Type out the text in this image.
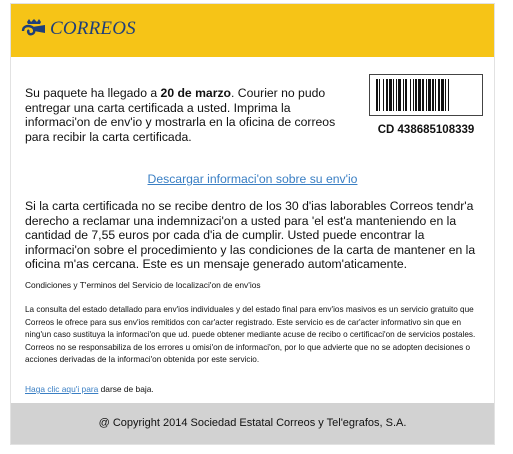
CORREOS
Su paquete ha llegado a 20 de marzo. Courier no pudo entregar una carta certificada a usted. Imprima la informaci'on de env'io y mostrarla en la oficina de correos para recibir la carta certificada.	CD 438685108339
Descargar informaci'on sobre su env'io
Si la carta certificada no se recibe dentro de los 30 d'ias laborables Correos tendr'a derecho a reclamar una indemnizaci'on a usted para 'el est'a manteniendo en la cantidad de 7,55 euros por cada d'ia de cumplir. Usted puede encontrar la informaci'on sobre el procedimiento y las condiciones de la carta de mantener en la oficina m'as cercana. Este es un mensaje generado autom'aticamente.
Condiciones y T'erminos del Servicio de localizaci'on de env'ios
La consulta del estado detallado para env'ios individuales y del estado final para env'ios masivos es un servicio gratuito que Correos le ofrece para sus env'ios remitidos con car'acter registrado. Este servicio es de car'acter informativo sin que en ning'un caso sustituya la informaci'on que ud. puede obtener mediante acuse de recibo o certificaci'on de servicios postales. Correos no se responsabiliza de los errores u omisi'on de informaci'on, por lo que advierte que no se adopten decisiones o acciones derivadas de la informaci'on obtenida por este servicio.
Haga clic aqu'i para darse de baja.
@ Copyright 2014 Sociedad Estatal Correos y Tel'egrafos, S.A.
